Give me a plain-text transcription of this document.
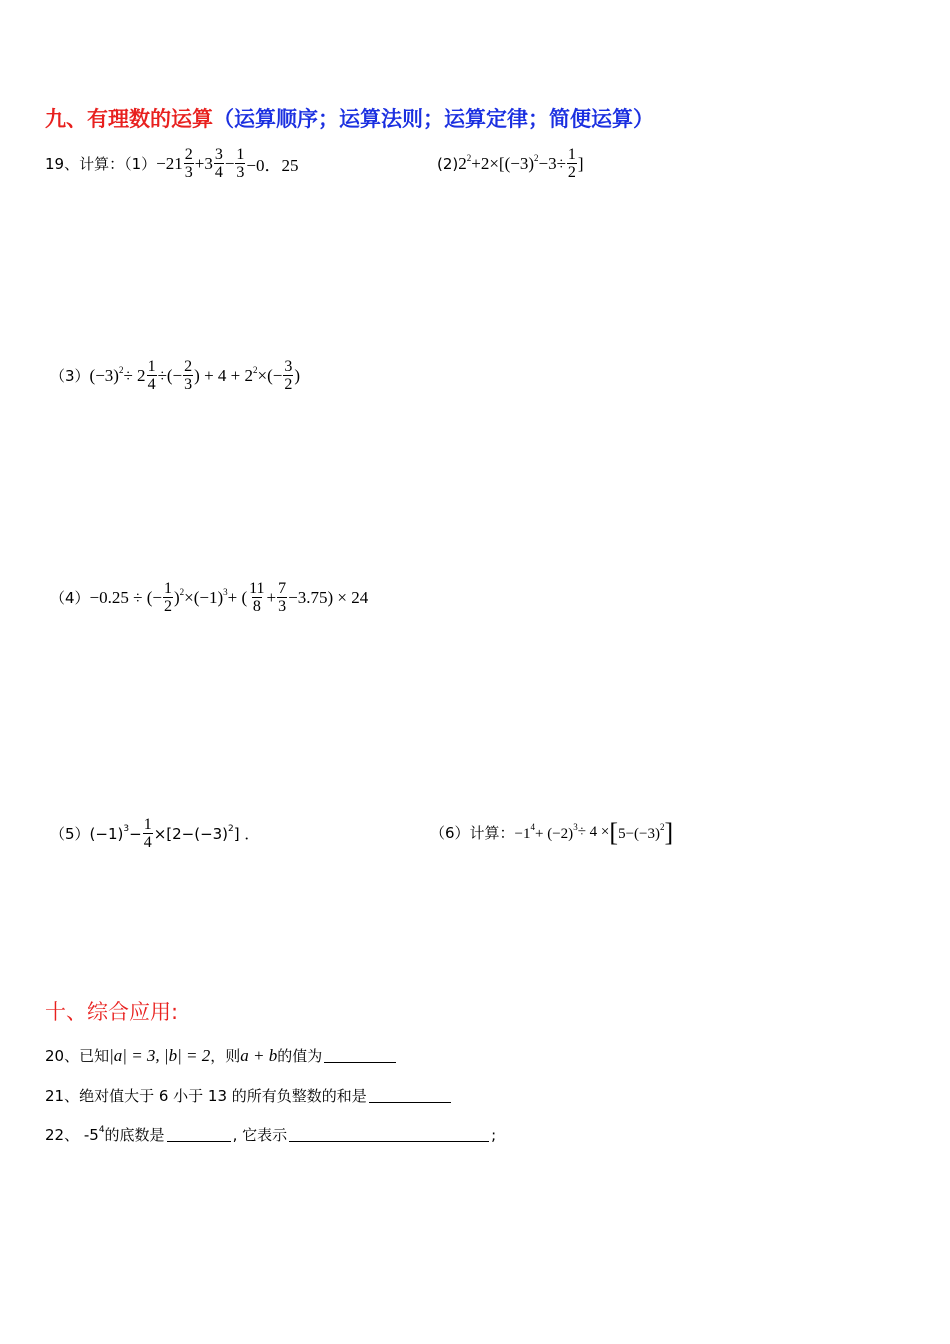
九、有理数的运算（运算顺序；运算法则；运算定律；简便运算）
19、计算：$(1) -21 \frac{2}{3} +3 \frac{3}{4} - \frac{1}{3} -0$．25	(2) $2^2 +2\times[(-3)^2 -3\div \frac{1}{2}$ ]
（3） $(-3)^2 \div 2 \frac{1}{4}$ ÷(− $\frac{2}{3}$ ) + $4 + 2^2$ ×(− $\frac{3}{2}$ )
（4） −0.25 ÷ (− $\frac{1}{2} )^2 \times(-1)^3$ + ( $\frac{11}{8} + \frac{7}{3} -3.75) \times 24$
（5） $(-1)^3 - \frac{1}{4} \times[2-(-3)^2$ ] ．	（6）计算： $-1^4 + (-2)^3 \div 4$ × [ $5-(-3)^2$ ]
十、综合应用:
20、已知 |a| = 3, |b| = 2 ，则 a + b 的值为
21、绝对值大于 6 小于 13 的所有负整数的和是
22、 $-5^4$ 的底数是	, 它表示	;
